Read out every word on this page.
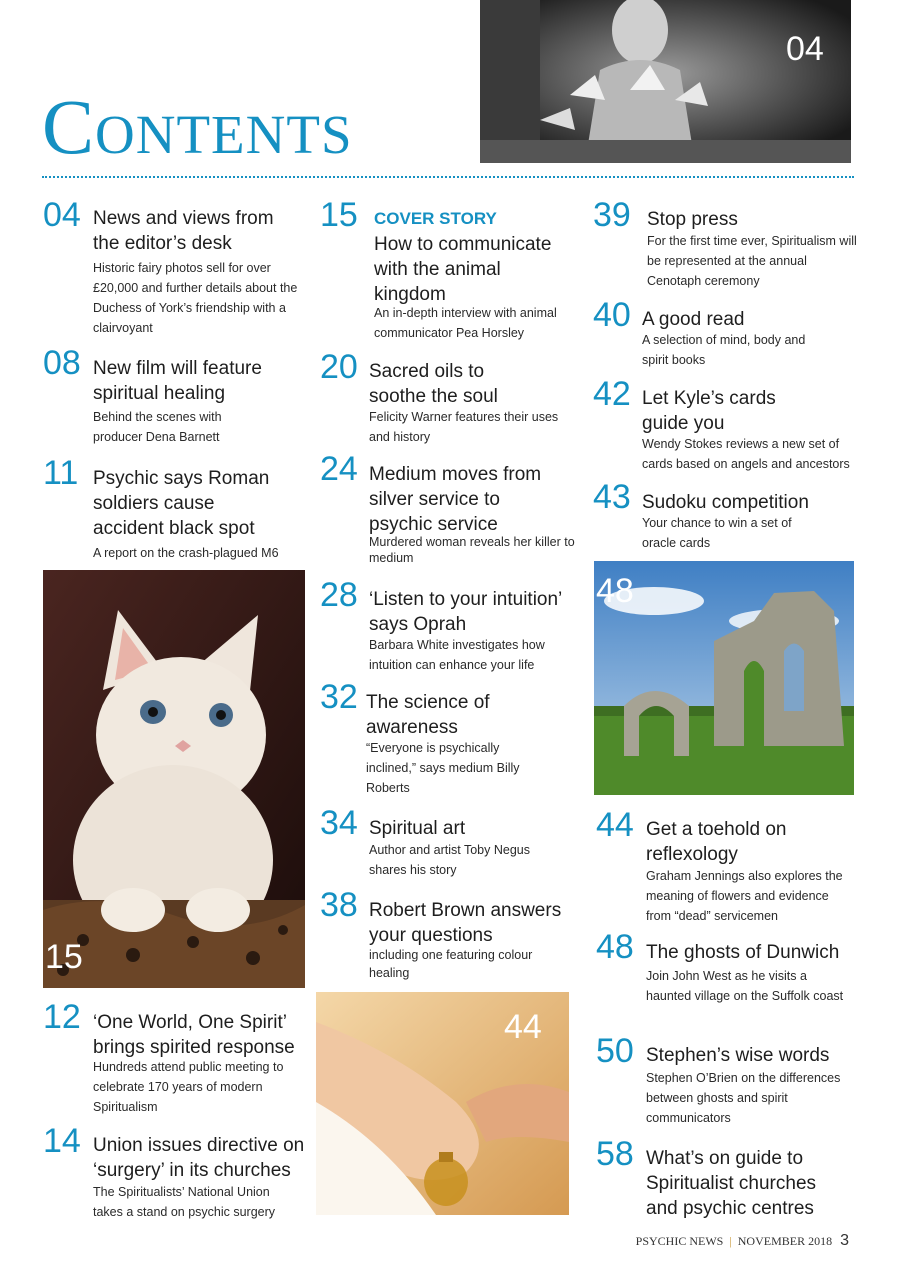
Contents
04
15
48
44
04 News and views from the editor’s desk
Historic fairy photos sell for over £20,000 and further details about the Duchess of York’s friendship with a clairvoyant
08 New film will feature spiritual healing
Behind the scenes with producer Dena Barnett
11 Psychic says Roman soldiers cause accident black spot
A report on the crash-plagued M6
12 ‘One World, One Spirit’ brings spirited response
Hundreds attend public meeting to celebrate 170 years of modern Spiritualism
14 Union issues directive on ‘surgery’ in its churches
The Spiritualists’ National Union takes a stand on psychic surgery
15 COVER STORY
How to communicate with the animal kingdom
An in-depth interview with animal communicator Pea Horsley
20 Sacred oils to soothe the soul
Felicity Warner features their uses and history
24 Medium moves from silver service to psychic service
Murdered woman reveals her killer to medium
28 ‘Listen to your intuition’ says Oprah
Barbara White investigates how intuition can enhance your life
32 The science of awareness
“Everyone is psychically inclined,” says medium Billy Roberts
34 Spiritual art
Author and artist Toby Negus shares his story
38 Robert Brown answers your questions
including one featuring colour healing
39 Stop press
For the first time ever, Spiritualism will be represented at the annual Cenotaph ceremony
40 A good read
A selection of mind, body and spirit books
42 Let Kyle’s cards guide you
Wendy Stokes reviews a new set of cards based on angels and ancestors
43 Sudoku competition
Your chance to win a set of oracle cards
44 Get a toehold on reflexology
Graham Jennings also explores the meaning of flowers and evidence from “dead” servicemen
48 The ghosts of Dunwich
Join John West as he visits a haunted village on the Suffolk coast
50 Stephen’s wise words
Stephen O’Brien on the differences between ghosts and spirit communicators
58 What’s on guide to Spiritualist churches and psychic centres
PSYCHIC NEWS | NOVEMBER 2018 3
